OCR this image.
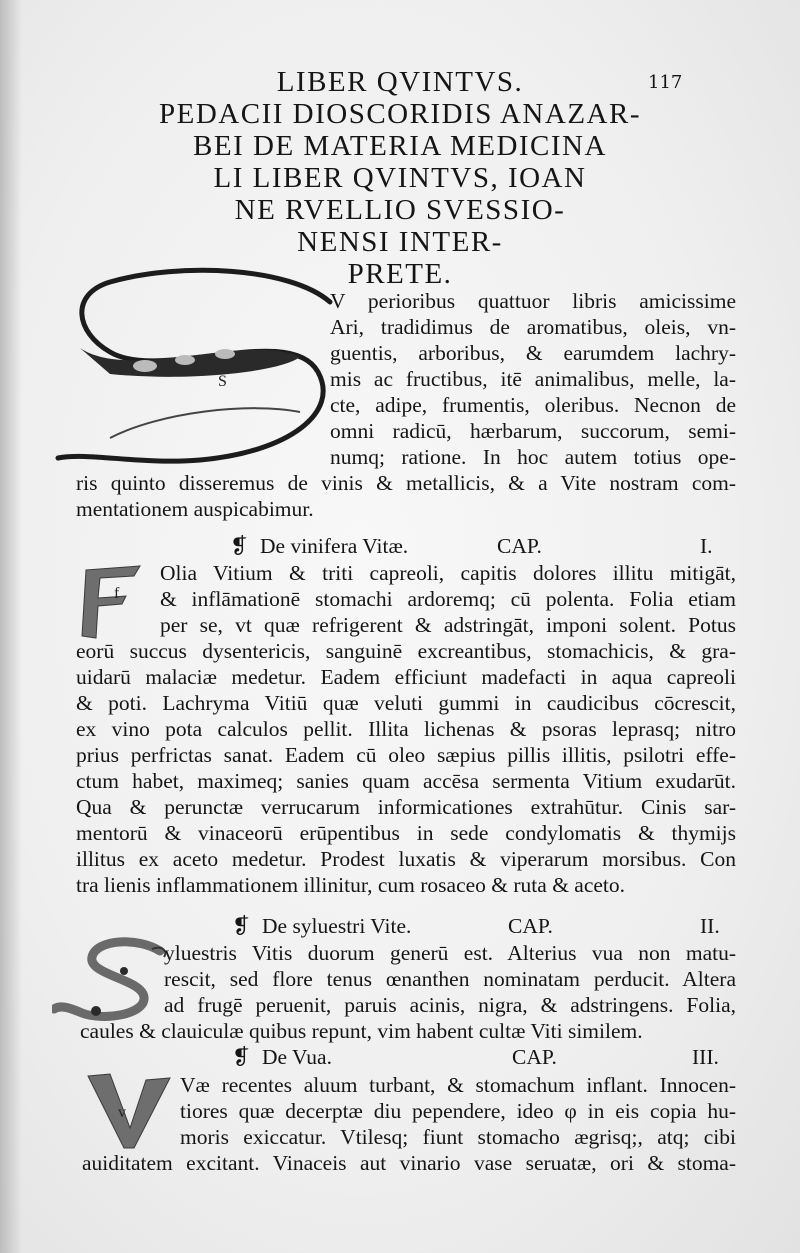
117
LIBER QVINTVS.
PEDACII DIOSCORIDIS ANAZAR-
BEI DE MATERIA MEDICINA
LI LIBER QVINTVS, IOAN
NE RVELLIO SVESSIO-
NENSI INTER-
PRETE.
S
V perioribus quattuor libris amicissime
Ari, tradidimus de aromatibus, oleis, vn-
guentis, arboribus, & earumdem lachry-
mis ac fructibus, itē animalibus, melle, la-
cte, adipe, frumentis, oleribus. Necnon de
omni radicū, hærbarum, succorum, semi-
numq; ratione. In hoc autem totius ope-
ris quinto disseremus de vinis & metallicis, & a Vite nostram com-
mentationem auspicabimur.
❡ De vinifera Vitæ.	CAP.	I.
f
Olia Vitium & triti capreoli, capitis dolores illitu mitigāt,
& inflāmationē stomachi ardoremq; cū polenta. Folia etiam
per se, vt quæ refrigerent & adstringāt, imponi solent. Potus
eorū succus dysentericis, sanguinē excreantibus, stomachicis, & gra-
uidarū malaciæ medetur. Eadem efficiunt madefacti in aqua capreoli
& poti. Lachryma Vitiū quæ veluti gummi in caudicibus cōcrescit,
ex vino pota calculos pellit. Illita lichenas & psoras leprasq; nitro
prius perfrictas sanat. Eadem cū oleo sæpius pillis illitis, psilotri effe-
ctum habet, maximeq; sanies quam accēsa sermenta Vitium exudarūt.
Qua & perunctæ verrucarum informicationes extrahūtur. Cinis sar-
mentorū & vinaceorū erūpentibus in sede condylomatis & thymijs
illitus ex aceto medetur. Prodest luxatis & viperarum morsibus. Con
tra lienis inflammationem illinitur, cum rosaceo & ruta & aceto.
❡ De syluestri Vite.	CAP.	II.
yluestris Vitis duorum generū est. Alterius vua non matu-
rescit, sed flore tenus œnanthen nominatam perducit. Altera
ad frugē peruenit, paruis acinis, nigra, & adstringens. Folia,
caules & clauiculæ quibus repunt, vim habent cultæ Viti similem.
❡ De Vua.	CAP.	III.
v
Væ recentes aluum turbant, & stomachum inflant. Innocen-
tiores quæ decerptæ diu pependere, ideo φ in eis copia hu-
moris exiccatur. Vtilesq; fiunt stomacho ægrisq;, atq; cibi
auiditatem excitant. Vinaceis aut vinario vase seruatæ, ori & stoma-
